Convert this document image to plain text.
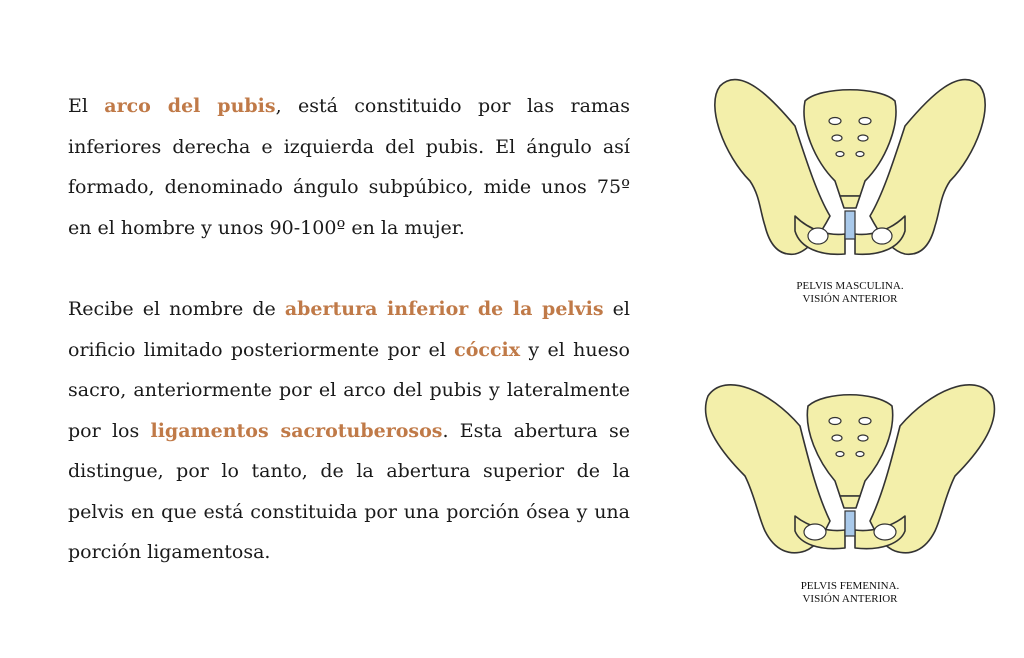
El arco del pubis, está constituido por las ramas inferiores derecha e izquierda del pubis. El ángulo así formado, denominado ángulo subpúbico, mide unos 75º en el hombre y unos 90-100º en la mujer.

Recibe el nombre de abertura inferior de la pelvis el orificio limitado posteriormente por el cóccix y el hueso sacro, anteriormente por el arco del pubis y lateralmente por los ligamentos sacrotuberosos. Esta abertura se distingue, por lo tanto, de la abertura superior de la pelvis en que está constituida por una porción ósea y una porción ligamentosa.

PELVIS MASCULINA.
VISIÓN ANTERIOR
PELVIS FEMENINA.
VISIÓN ANTERIOR
